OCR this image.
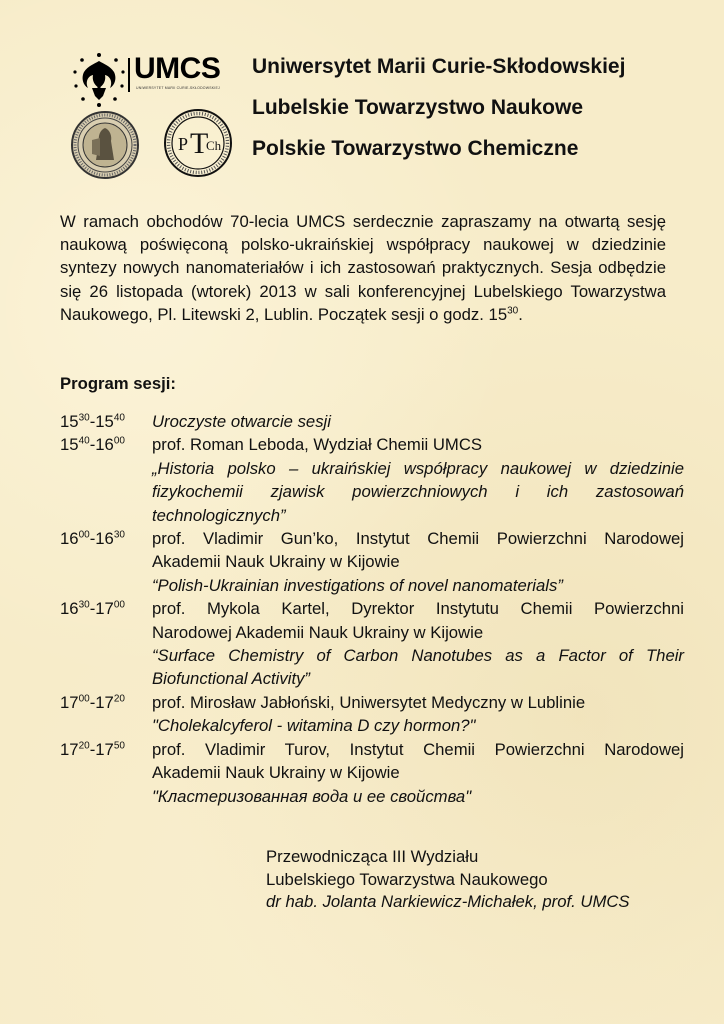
UMCS
UNIWERSYTET MARII CURIE-SKŁODOWSKIEJ
P T
Ch
Uniwersytet Marii Curie-Skłodowskiej
Lubelskie Towarzystwo Naukowe
Polskie Towarzystwo Chemiczne
W ramach obchodów 70-lecia UMCS serdecznie zapraszamy na otwartą sesję naukową poświęconą polsko-ukraińskiej współpracy naukowej w dziedzinie syntezy nowych nanomateriałów i ich zastosowań praktycznych. Sesja odbędzie się 26 listopada (wtorek) 2013 w sali konferencyjnej Lubelskiego Towarzystwa Naukowego, Pl. Litewski 2, Lublin. Początek sesji o godz. $15^{30}$.
Program sesji:
$15^{30}-15^{40}$	Uroczyste otwarcie sesji
$15^{40}-16^{00}$	prof. Roman Leboda, Wydział Chemii UMCS
„Historia polsko – ukraińskiej współpracy naukowej w dziedzinie
fizykochemii zjawisk powierzchniowych i ich zastosowań
technologicznych”
$16^{00}-16^{30}$	prof. Vladimir Gun’ko, Instytut Chemii Powierzchni Narodowej
Akademii Nauk Ukrainy w Kijowie
“Polish-Ukrainian investigations of novel nanomaterials”
$16^{30}-17^{00}$	prof. Mykola Kartel, Dyrektor Instytutu Chemii Powierzchni
Narodowej Akademii Nauk Ukrainy w Kijowie
“Surface Chemistry of Carbon Nanotubes as a Factor of Their
Biofunctional Activity”
$17^{00}-17^{20}$	prof. Mirosław Jabłoński, Uniwersytet Medyczny w Lublinie
"Cholekalcyferol - witamina D czy hormon?"
$17^{20}-17^{50}$	prof. Vladimir Turov, Instytut Chemii Powierzchni Narodowej
Akademii Nauk Ukrainy w Kijowie
"Кластеризованная вода и ее свойства"
Przewodnicząca III Wydziału
Lubelskiego Towarzystwa Naukowego
dr hab. Jolanta Narkiewicz-Michałek, prof. UMCS
